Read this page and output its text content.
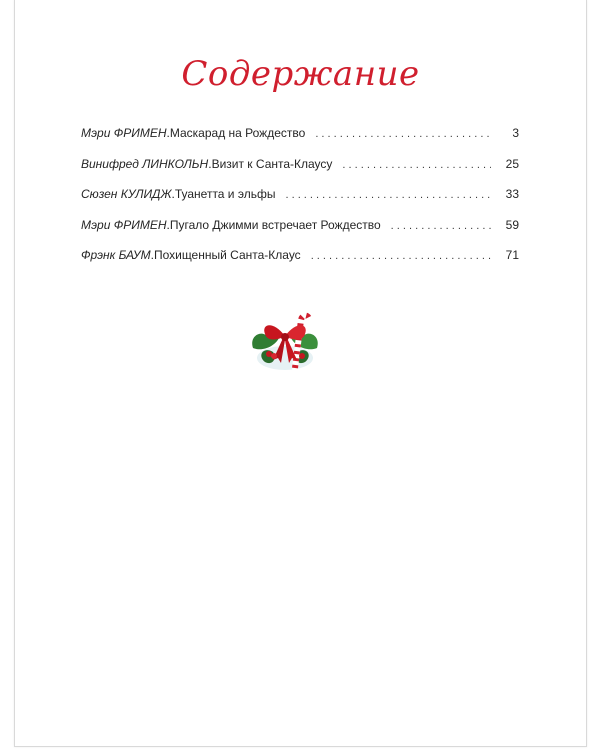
Содержание
Мэри ФРИМЕН . Маскарад на Рождество . . .	3
Винифред ЛИНКОЛЬН . Визит к Санта-Клаусу . . .	25
Сюзен КУЛИДЖ . Туанетта и эльфы . . .	33
Мэри ФРИМЕН . Пугало Джимми встречает Рождество . . .	59
Фрэнк БАУМ . Похищенный Санта-Клаус . . .	71
